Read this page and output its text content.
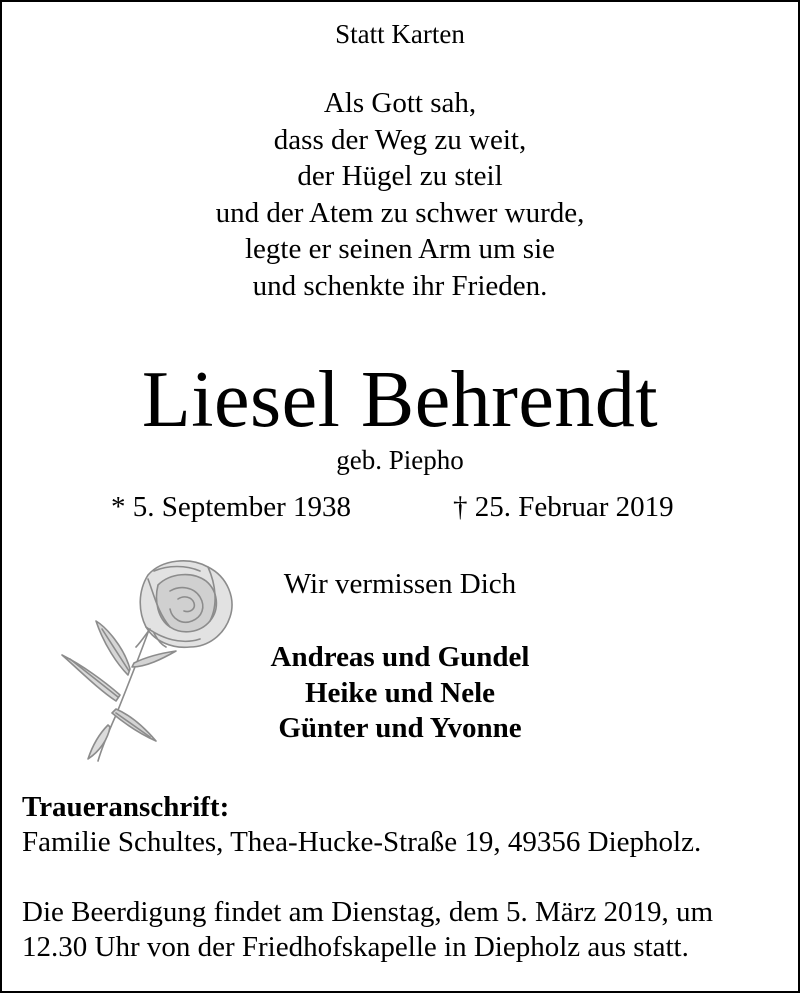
Statt Karten
Als Gott sah,
dass der Weg zu weit,
der Hügel zu steil
und der Atem zu schwer wurde,
legte er seinen Arm um sie
und schenkte ihr Frieden.
Liesel Behrendt
geb. Piepho
* 5. September 1938	† 25. Februar 2019
Wir vermissen Dich
Andreas und Gundel
Heike und Nele
Günter und Yvonne
Traueranschrift:
Familie Schultes, Thea-Hucke-Straße 19, 49356 Diepholz.
Die Beerdigung findet am Dienstag, dem 5. März 2019, um
12.30 Uhr von der Friedhofskapelle in Diepholz aus statt.
